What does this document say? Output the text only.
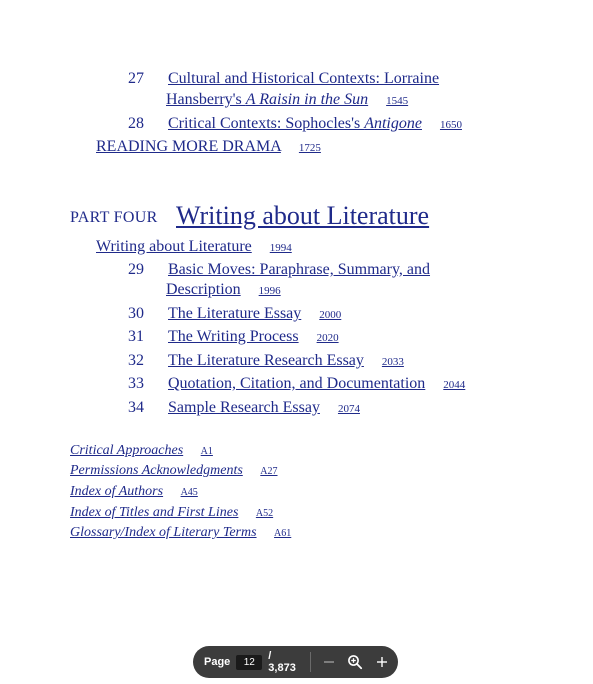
27 Cultural and Historical Contexts: Lorraine
Hansberry's A Raisin in the Sun 1545
28 Critical Contexts: Sophocles's Antigone 1650
READING MORE DRAMA 1725
PART FOUR Writing about Literature
Writing about Literature 1994
29 Basic Moves: Paraphrase, Summary, and
Description 1996
30 The Literature Essay 2000
31 The Writing Process 2020
32 The Literature Research Essay 2033
33 Quotation, Citation, and Documentation 2044
34 Sample Research Essay 2074
Critical Approaches A1
Permissions Acknowledgments A27
Index of Authors A45
Index of Titles and First Lines A52
Glossary/Index of Literary Terms A61
Page
12	/ 3,873
